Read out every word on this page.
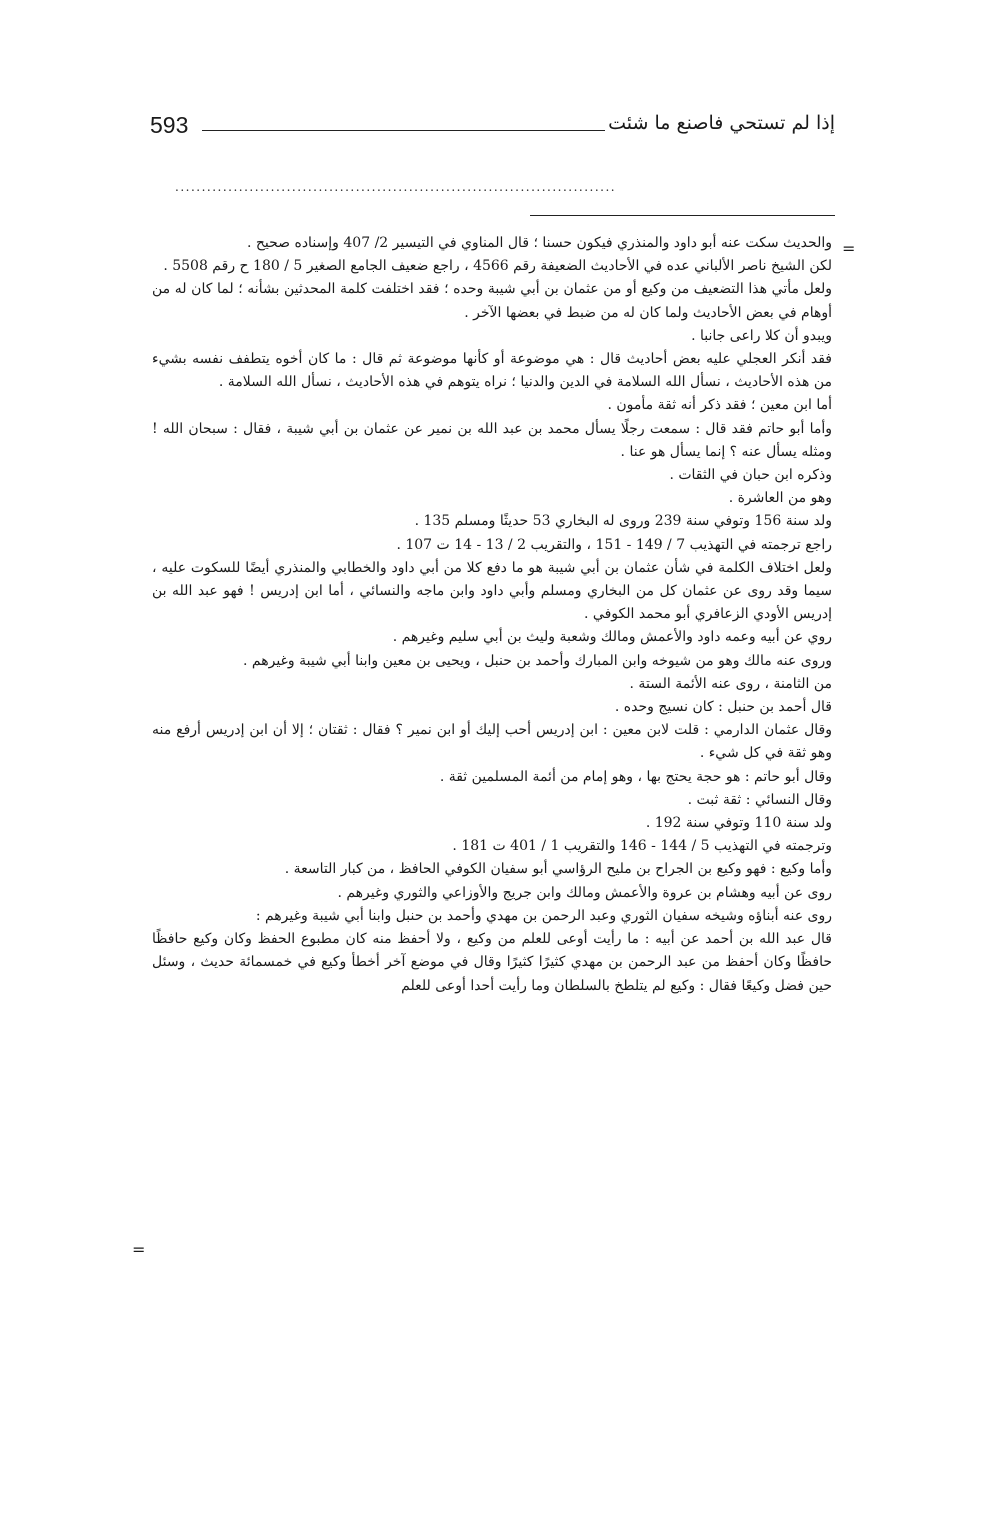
593	إذا لم تستحي فاصنع ما شئت
...................................................................................
=
=

والحديث سكت عنه أبو داود والمنذري فيكون حسنا ؛ قال المناوي في التيسير 2/ 407 وإسناده صحيح .

لكن الشيخ ناصر الألباني عده في الأحاديث الضعيفة رقم 4566 ، راجع ضعيف الجامع الصغير 5 / 180 ح رقم 5508 .

ولعل مأتي هذا التضعيف من وكيع أو من عثمان بن أبي شيبة وحده ؛ فقد اختلفت كلمة المحدثين بشأنه ؛ لما كان له من أوهام في بعض الأحاديث ولما كان له من ضبط في بعضها الآخر .

ويبدو أن كلا راعى جانبا .

فقد أنكر العجلي عليه بعض أحاديث قال : هي موضوعة أو كأنها موضوعة ثم قال : ما كان أخوه يتطفف نفسه بشيء من هذه الأحاديث ، نسأل الله السلامة في الدين والدنيا ؛ نراه يتوهم في هذه الأحاديث ، نسأل الله السلامة .

أما ابن معين ؛ فقد ذكر أنه ثقة مأمون .

وأما أبو حاتم فقد قال : سمعت رجلًا يسأل محمد بن عبد الله بن نمير عن عثمان بن أبي شيبة ، فقال : سبحان الله ! ومثله يسأل عنه ؟ إنما يسأل هو عنا .

وذكره ابن حبان في الثقات .

وهو من العاشرة .

ولد سنة 156 وتوفي سنة 239 وروى له البخاري 53 حديثًا ومسلم 135 .

راجع ترجمته في التهذيب 7 / 149 - 151 ، والتقريب 2 / 13 - 14 ت 107 .

ولعل اختلاف الكلمة في شأن عثمان بن أبي شيبة هو ما دفع كلا من أبي داود والخطابي والمنذري أيضًا للسكوت عليه ، سيما وقد روى عن عثمان كل من البخاري ومسلم وأبي داود وابن ماجه والنسائي ، أما ابن إدريس ! فهو عبد الله بن إدريس الأودي الزعافري أبو محمد الكوفي .

روي عن أبيه وعمه داود والأعمش ومالك وشعبة وليث بن أبي سليم وغيرهم .

وروى عنه مالك وهو من شيوخه وابن المبارك وأحمد بن حنبل ، ويحيى بن معين وابنا أبي شيبة وغيرهم .

من الثامنة ، روى عنه الأئمة الستة .

قال أحمد بن حنبل : كان نسيج وحده .

وقال عثمان الدارمي : قلت لابن معين : ابن إدريس أحب إليك أو ابن نمير ؟ فقال : ثقتان ؛ إلا أن ابن إدريس أرفع منه وهو ثقة في كل شيء .

وقال أبو حاتم : هو حجة يحتج بها ، وهو إمام من أئمة المسلمين ثقة .

وقال النسائي : ثقة ثبت .

ولد سنة 110 وتوفي سنة 192 .

وترجمته في التهذيب 5 / 144 - 146 والتقريب 1 / 401 ت 181 .

وأما وكيع : فهو وكيع بن الجراح بن مليح الرؤاسي أبو سفيان الكوفي الحافظ ، من كبار التاسعة .

روى عن أبيه وهشام بن عروة والأعمش ومالك وابن جريج والأوزاعي والثوري وغيرهم .

روى عنه أبناؤه وشيخه سفيان الثوري وعبد الرحمن بن مهدي وأحمد بن حنبل وابنا أبي شيبة وغيرهم :

قال عبد الله بن أحمد عن أبيه : ما رأيت أوعى للعلم من وكيع ، ولا أحفظ منه كان مطبوع الحفظ وكان وكيع حافظًا حافظًا وكان أحفظ من عبد الرحمن بن مهدي كثيرًا كثيرًا وقال في موضع آخر أخطأ وكيع في خمسمائة حديث ، وسئل حين فضل وكيعًا فقال : وكيع لم يتلطخ بالسلطان وما رأيت أحدا أوعى للعلم
